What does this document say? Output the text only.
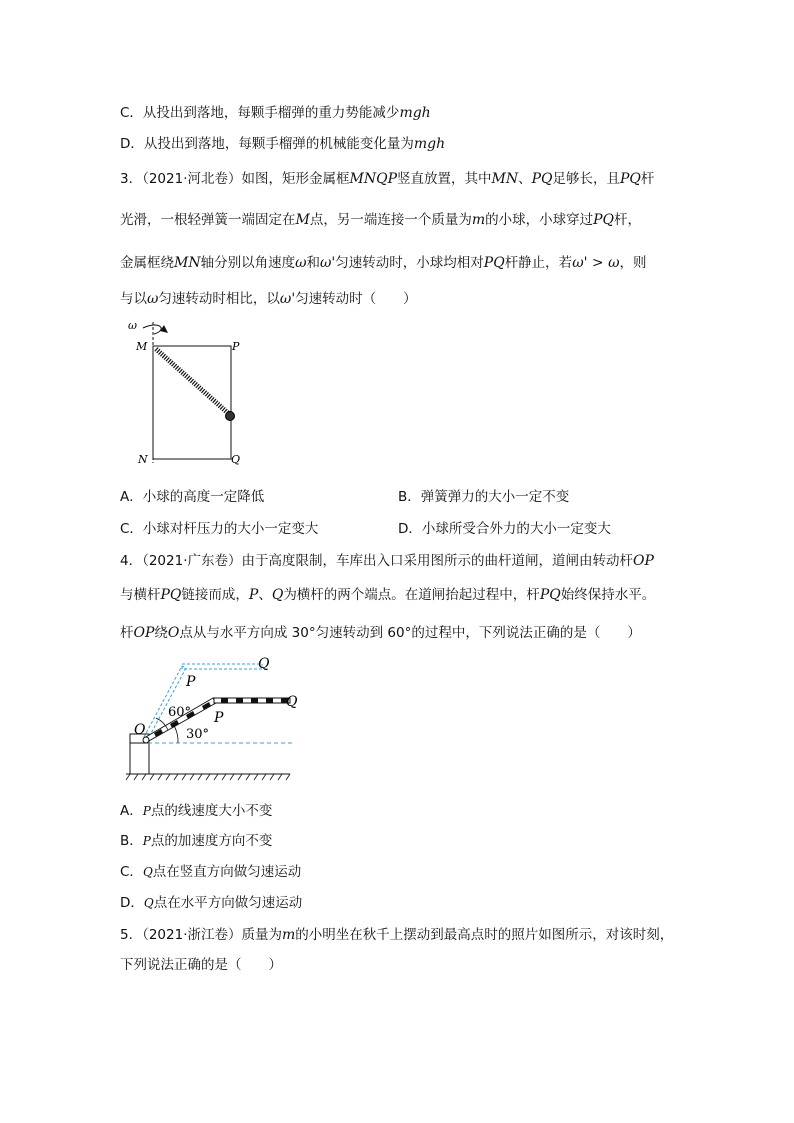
C．从投出到落地，每颗手榴弹的重力势能减少mgh
D．从投出到落地，每颗手榴弹的机械能变化量为mgh
3．（2021·河北卷）如图，矩形金属框MNQP竖直放置，其中MN、PQ足够长，且PQ杆
光滑，一根轻弹簧一端固定在M点，另一端连接一个质量为m的小球，小球穿过PQ杆，
金属框绕MN轴分别以角速度ω和ω'匀速转动时，小球均相对PQ杆静止，若ω' > ω，则
与以ω匀速转动时相比，以ω'匀速转动时（　　）
ω
M	P
N	Q
A．小球的高度一定降低	B．弹簧弹力的大小一定不变
C．小球对杆压力的大小一定变大	D．小球所受合外力的大小一定变大
4．（2021·广东卷）由于高度限制，车库出入口采用图所示的曲杆道闸，道闸由转动杆OP
与横杆PQ链接而成，P、Q为横杆的两个端点。在道闸抬起过程中，杆PQ始终保持水平。
杆OP绕O点从与水平方向成 30°匀速转动到 60°的过程中，下列说法正确的是（　　）
Q
P
Q
P
O
60°
30°
A．P点的线速度大小不变
B．P点的加速度方向不变
C．Q点在竖直方向做匀速运动
D．Q点在水平方向做匀速运动
5．（2021·浙江卷）质量为m的小明坐在秋千上摆动到最高点时的照片如图所示，对该时刻，
下列说法正确的是（　　）
